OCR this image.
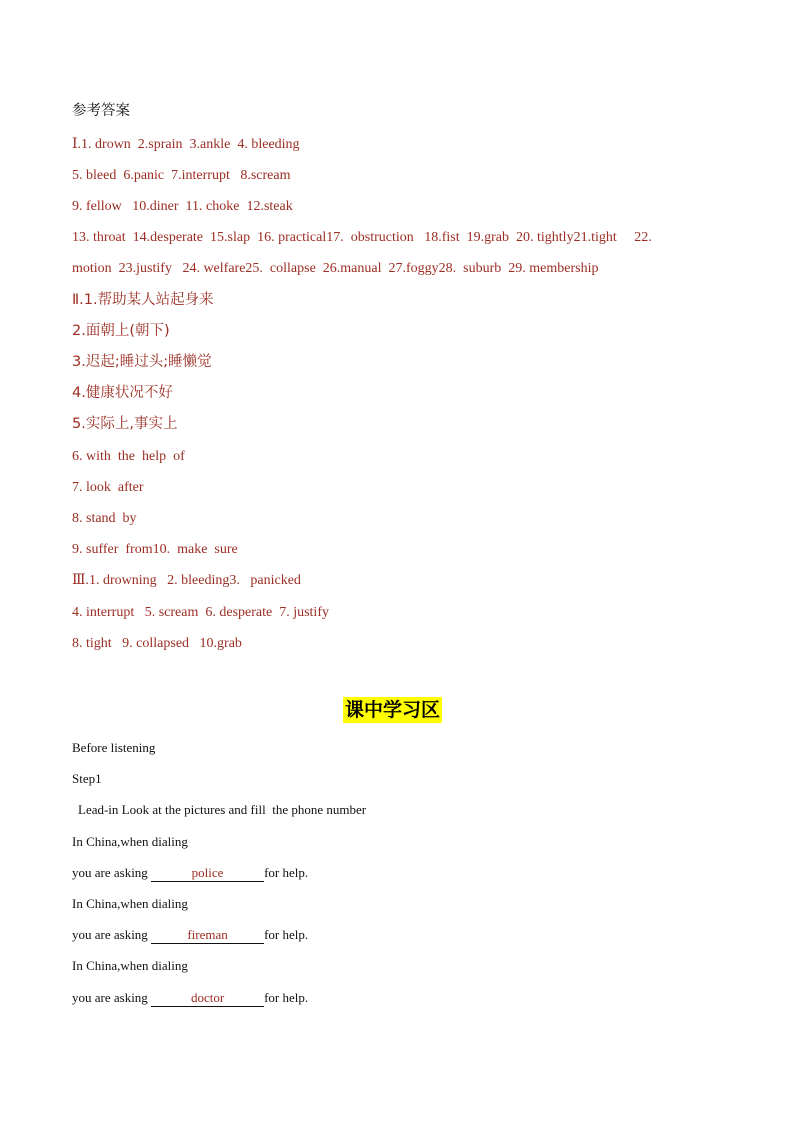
参考答案
Ⅰ.1. drown  2.sprain  3.ankle  4. bleeding
5. bleed  6.panic  7.interrupt   8.scream
9. fellow   10.diner  11. choke  12.steak
13. throat  14.desperate  15.slap  16. practical17.  obstruction   18.fist  19.grab  20. tightly21.tight     22.
motion  23.justify   24. welfare25.  collapse  26.manual  27.foggy28.  suburb  29. membership
Ⅱ.1.帮助某人站起身来
2.面朝上(朝下)
3.迟起;睡过头;睡懒觉
4.健康状况不好
5.实际上,事实上
6. with  the  help  of
7. look  after
8. stand  by
9. suffer  from10.  make  sure
Ⅲ.1. drowning   2. bleeding3.   panicked
4. interrupt   5. scream  6. desperate  7. justify
8. tight   9. collapsed   10.grab
课中学习区
Before listening
Step1
Lead-in Look at the pictures and fill  the phone number
In China,when dialing
you are asking	police	for help.
In China,when dialing
you are asking	fireman	for help.
In China,when dialing
you are asking	doctor	for help.
